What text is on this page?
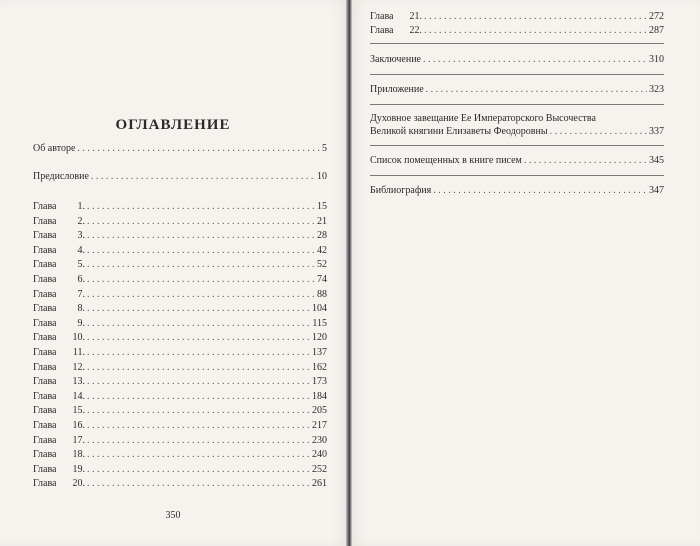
ОГЛАВЛЕНИЕ
Об авторе . . .	5
Предисловие . . .	10
Глава 1. . . .	15
Глава 2. . . .	21
Глава 3. . . .	28
Глава 4. . . .	42
Глава 5. . . .	52
Глава 6. . . .	74
Глава 7. . . .	88
Глава 8. . . .	104
Глава 9. . . .	115
Глава 10. . . .	120
Глава 11. . . .	137
Глава 12. . . .	162
Глава 13. . . .	173
Глава 14. . . .	184
Глава 15. . . .	205
Глава 16. . . .	217
Глава 17. . . .	230
Глава 18. . . .	240
Глава 19. . . .	252
Глава 20. . . .	261
350
Глава 21. . . .	272
Глава 22. . . .	287
Заключение . . .	310
Приложение . . .	323
Духовное завещание Ее Императорского Высочества
Великой княгини Елизаветы Феодоровны . . .	337
Список помещенных в книге писем . . .	345
Библиография . . .	347
